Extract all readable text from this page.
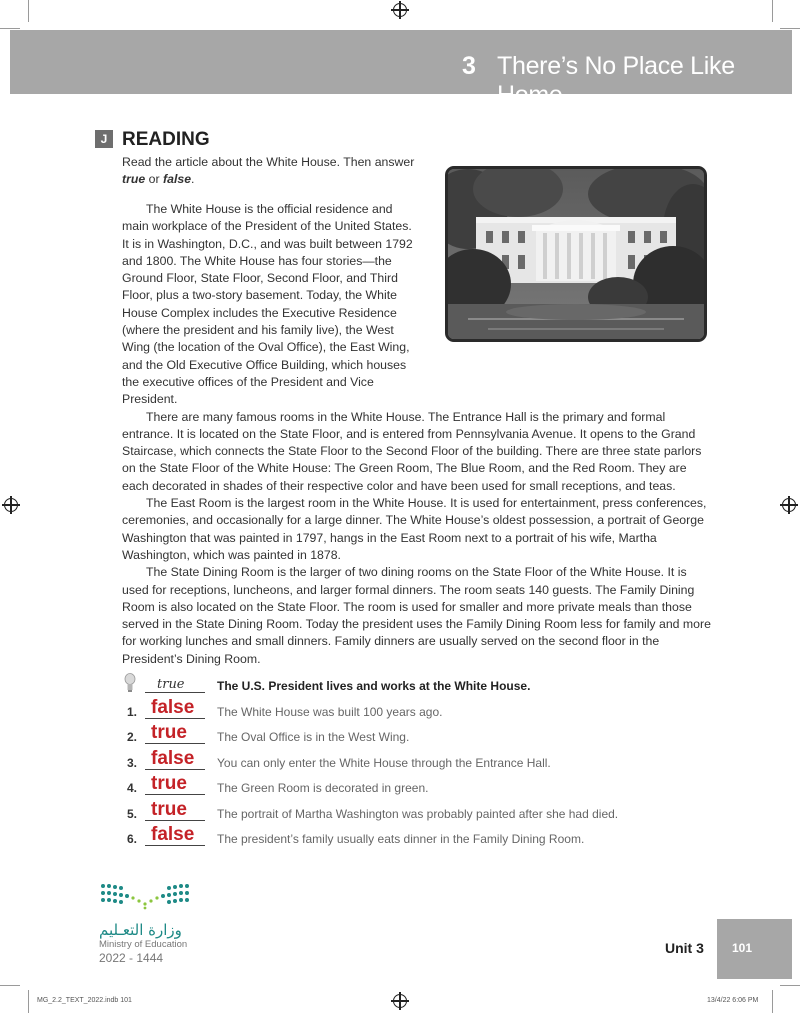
3 There’s No Place Like Home
J READING
Read the article about the White House. Then answer
true or false.

The White House is the official residence and main workplace of the President of the United States. It is in Washington, D.C., and was built between 1792 and 1800. The White House has four stories—the Ground Floor, State Floor, Second Floor, and Third Floor, plus a two-story basement. Today, the White House Complex includes the Executive Residence (where the president and his family live), the West Wing (the location of the Oval Office), the East Wing, and the Old Executive Office Building, which houses the executive offices of the President and Vice President.

There are many famous rooms in the White House. The Entrance Hall is the primary and formal entrance. It is located on the State Floor, and is entered from Pennsylvania Avenue. It opens to the Grand Staircase, which connects the State Floor to the Second Floor of the building. There are three state parlors on the State Floor of the White House: The Green Room, The Blue Room, and the Red Room. They are each decorated in shades of their respective color and have been used for small receptions, and teas.

The East Room is the largest room in the White House. It is used for entertainment, press conferences, ceremonies, and occasionally for a large dinner. The White House’s oldest possession, a portrait of George Washington that was painted in 1797, hangs in the East Room next to a portrait of his wife, Martha Washington, which was painted in 1878.

The State Dining Room is the larger of two dining rooms on the State Floor of the White House. It is used for receptions, luncheons, and larger formal dinners. The room seats 140 guests. The Family Dining Room is also located on the State Floor. The room is used for smaller and more private meals than those served in the State Dining Room. Today the president uses the Family Dining Room less for family and more for working lunches and small dinners. Family dinners are usually served on the second floor in the President’s Dining Room.

true	The U.S. President lives and works at the White House.
1. false The White House was built 100 years ago.
2. true	The Oval Office is in the West Wing.
3. false You can only enter the White House through the Entrance Hall.
4. true	The Green Room is decorated in green.
5. true	The portrait of Martha Washington was probably painted after she had died.
6. false The president’s family usually eats dinner in the Family Dining Room.
وزارة التعـليم
Ministry of Education
2022 - 1444
Unit 3 101
MG_2.2_TEXT_2022.indb 101	13/4/22 6:06 PM
